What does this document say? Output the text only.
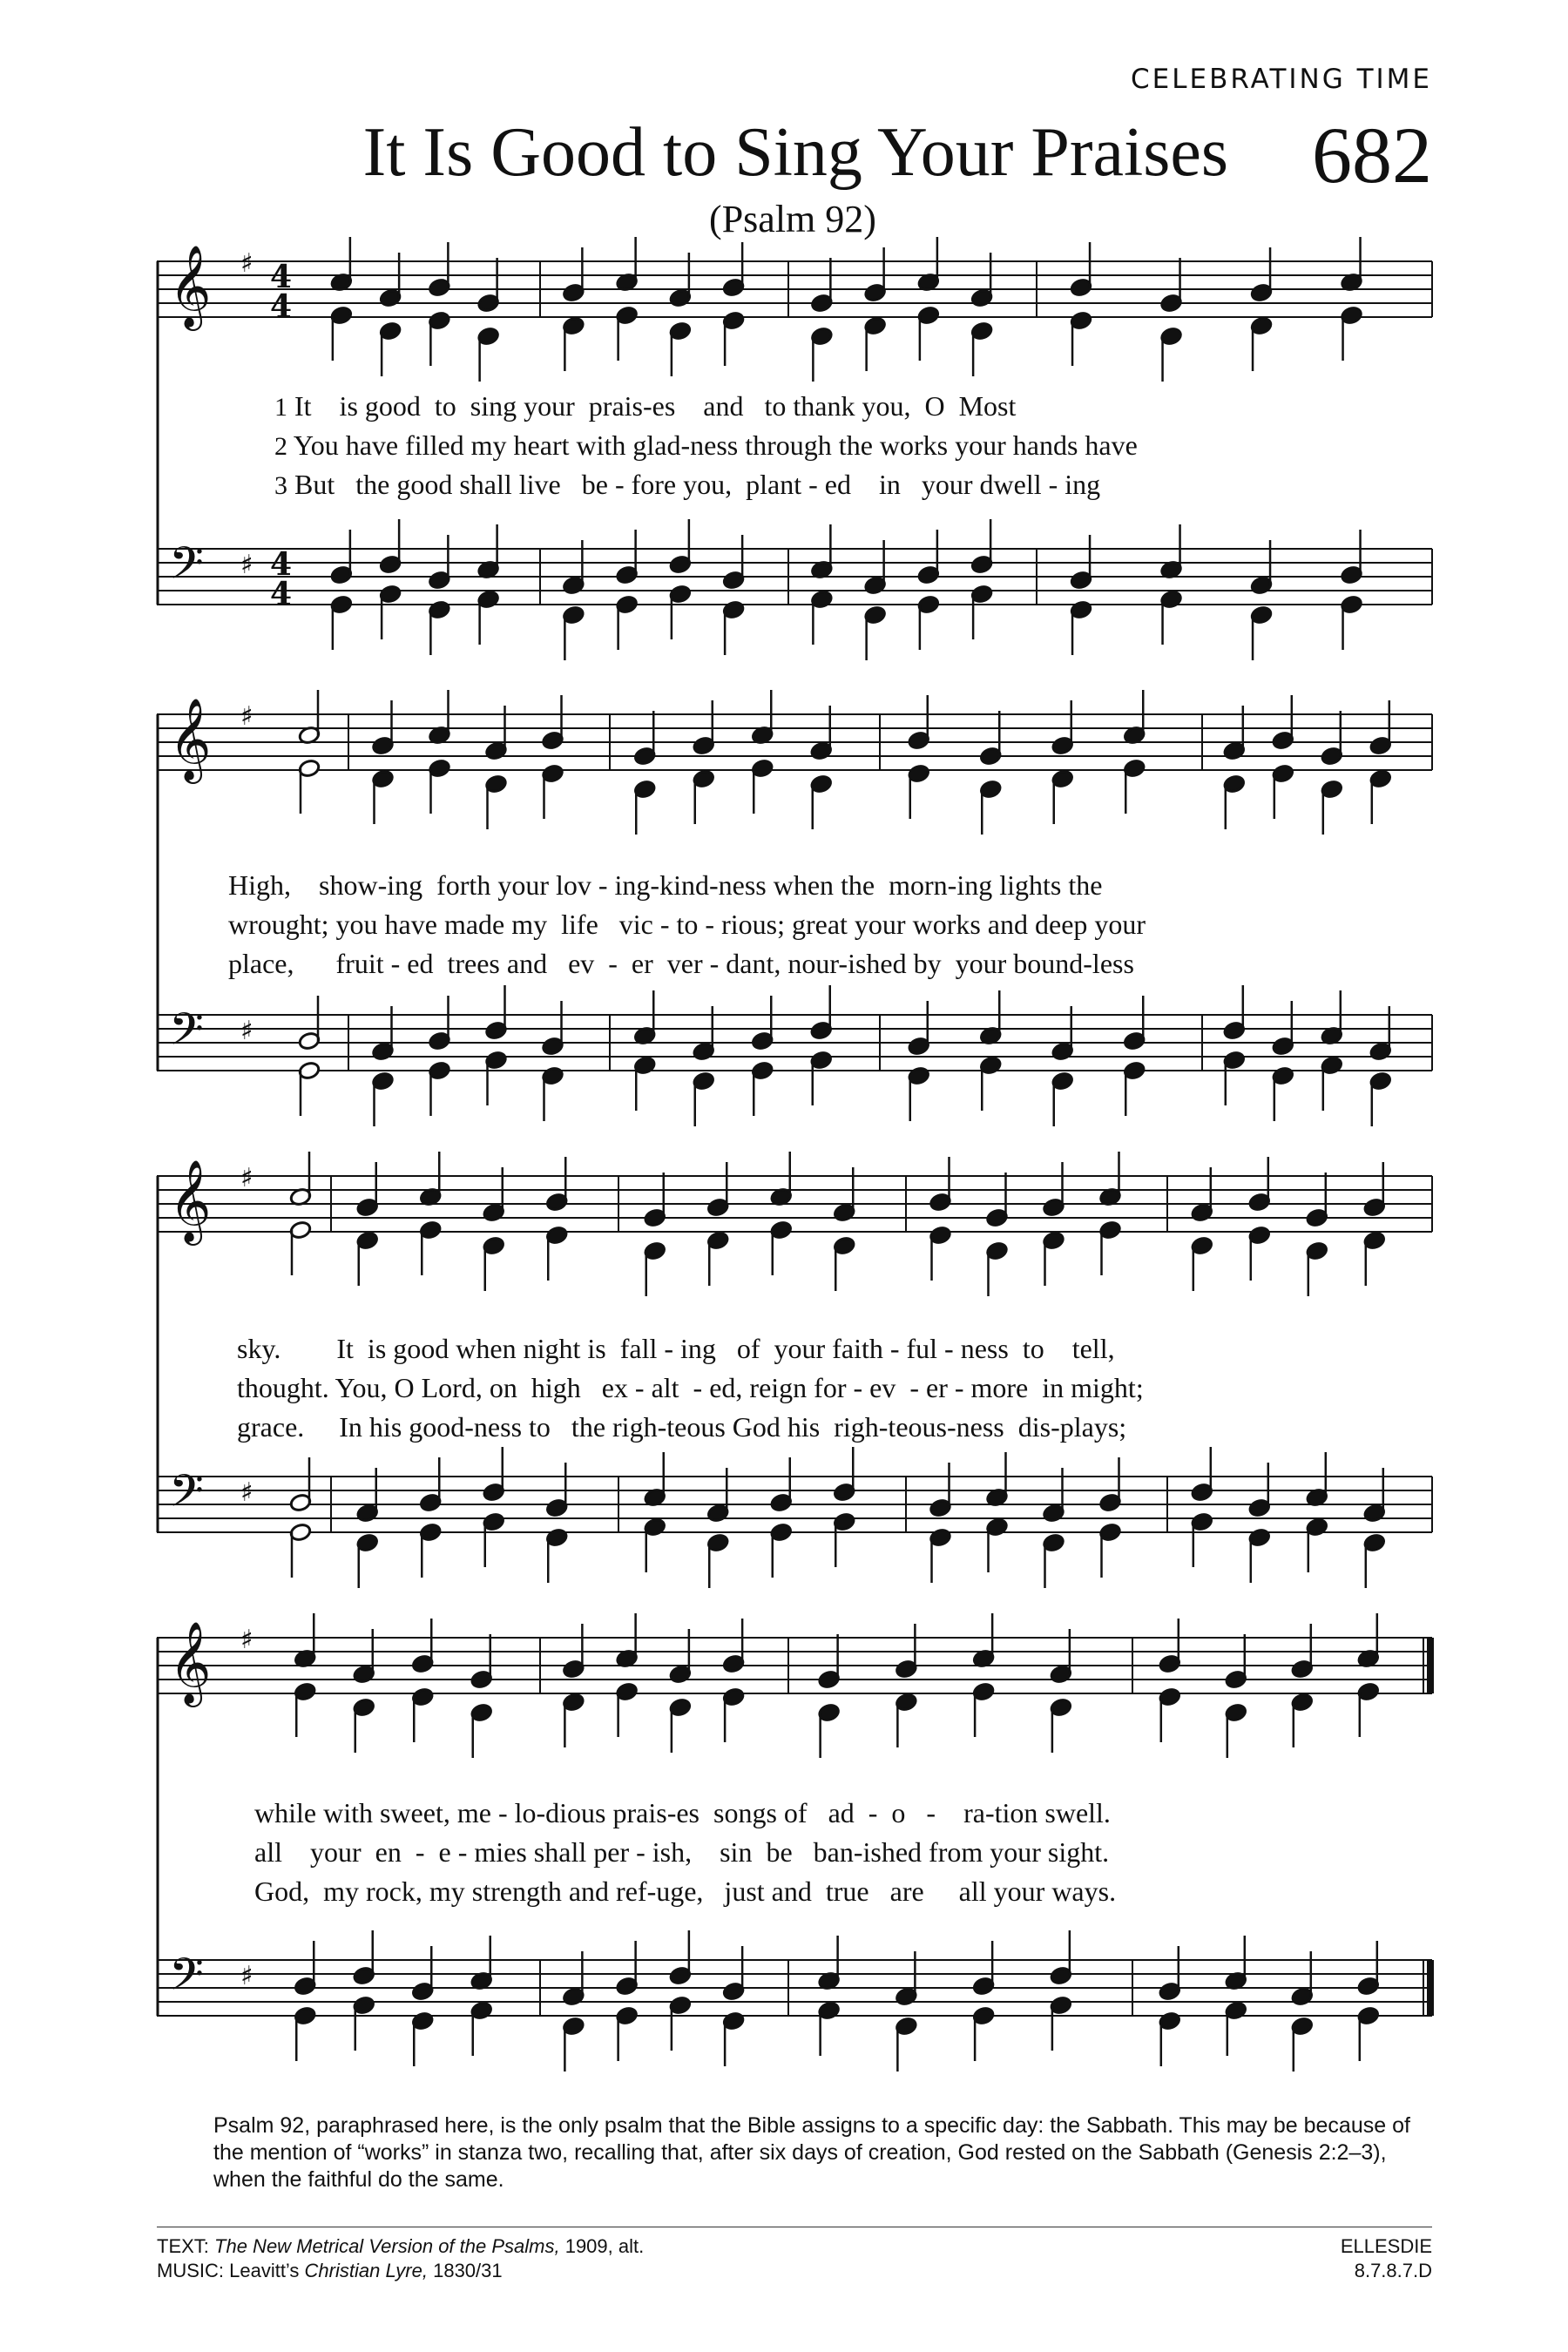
CELEBRATING TIME
It Is Good to Sing Your Praises 682
(Psalm 92)
𝄞
𝄢
♯
♯
4
4
4
4
1 It    is good  to  sing your  prais-es    and   to thank you,  O  Most
2 You have filled my heart with glad-ness through the works your hands have
3 But   the good shall live   be - fore you,  plant - ed    in   your dwell - ing
𝄞
𝄢
♯
♯
High,    show-ing  forth your lov - ing-kind-ness when the  morn-ing lights the
wrought; you have made my  life   vic - to - rious; great your works and deep your
place,      fruit - ed  trees and   ev  -  er  ver - dant, nour-ished by  your bound-less
𝄞
𝄢
♯
♯
sky.        It  is good when night is  fall - ing   of  your faith - ful - ness  to    tell,
thought. You, O Lord, on  high   ex - alt  - ed, reign for - ev  - er - more  in might;
grace.     In his good-ness to   the righ-teous God his  righ-teous-ness  dis-plays;
𝄞
𝄢
♯
♯
while with sweet, me - lo-dious prais-es  songs of   ad  -  o   -    ra-tion swell.
all    your  en  -  e - mies shall per - ish,    sin  be   ban-ished from your sight.
God,  my rock, my strength and ref-uge,   just and  true   are     all your ways.
Psalm 92, paraphrased here, is the only psalm that the Bible assigns to a specific day: the Sabbath. This may be because of the mention of “works” in stanza two, recalling that, after six days of creation, God rested on the Sabbath (Genesis 2:2–3), when the faithful do the same.
TEXT: The New Metrical Version of the Psalms, 1909, alt.
MUSIC: Leavitt’s Christian Lyre, 1830/31
ELLESDIE
8.7.8.7.D
